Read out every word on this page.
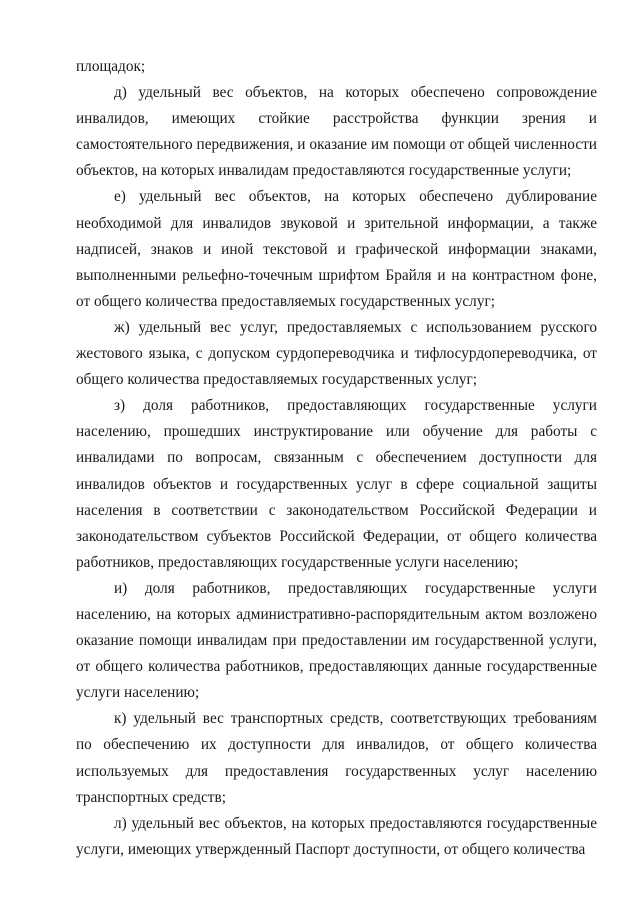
площадок;

д) удельный вес объектов, на которых обеспечено сопровождение инвалидов, имеющих стойкие расстройства функции зрения и самостоятельного передвижения, и оказание им помощи от общей численности объектов, на которых инвалидам предоставляются государственные услуги;

е) удельный вес объектов, на которых обеспечено дублирование необходимой для инвалидов звуковой и зрительной информации, а также надписей, знаков и иной текстовой и графической информации знаками, выполненными рельефно-точечным шрифтом Брайля и на контрастном фоне, от общего количества предоставляемых государственных услуг;

ж) удельный вес услуг, предоставляемых с использованием русского жестового языка, с допуском сурдопереводчика и тифлосурдопереводчика, от общего количества предоставляемых государственных услуг;

з) доля работников, предоставляющих государственные услуги населению, прошедших инструктирование или обучение для работы с инвалидами по вопросам, связанным с обеспечением доступности для инвалидов объектов и государственных услуг в сфере социальной защиты населения в соответствии с законодательством Российской Федерации и законодательством субъектов Российской Федерации, от общего количества работников, предоставляющих государственные услуги населению;

и) доля работников, предоставляющих государственные услуги населению, на которых административно-распорядительным актом возложено оказание помощи инвалидам при предоставлении им государственной услуги, от общего количества работников, предоставляющих данные государственные услуги населению;

к) удельный вес транспортных средств, соответствующих требованиям по обеспечению их доступности для инвалидов, от общего количества используемых для предоставления государственных услуг населению транспортных средств;

л) удельный вес объектов, на которых предоставляются государственные услуги, имеющих утвержденный Паспорт доступности, от общего количества
